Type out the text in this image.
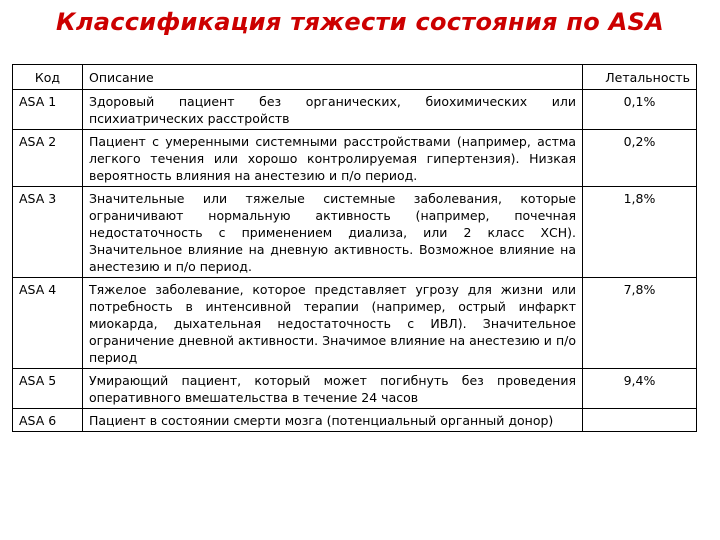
Классификация тяжести состояния по ASA
Код	Описание	Летальность
ASA 1	Здоровый пациент без органических, биохимических или психиатрических расстройств	0,1%
ASA 2	Пациент с умеренными системными расстройствами (например, астма легкого течения или хорошо контролируемая гипертензия). Низкая вероятность влияния на анестезию и п/о период.	0,2%
ASA 3	Значительные или тяжелые системные заболевания, которые ограничивают нормальную активность (например, почечная недостаточность с применением диализа, или 2 класс ХСН). Значительное влияние на дневную активность. Возможное влияние на анестезию и п/о период.	1,8%
ASA 4	Тяжелое заболевание, которое представляет угрозу для жизни или потребность в интенсивной терапии (например, острый инфаркт миокарда, дыхательная недостаточность с ИВЛ). Значительное ограничение дневной активности. Значимое влияние на анестезию и п/о период	7,8%
ASA 5	Умирающий пациент, который может погибнуть без проведения оперативного вмешательства в течение 24 часов	9,4%
ASA 6	Пациент в состоянии смерти мозга (потенциальный органный донор)	
